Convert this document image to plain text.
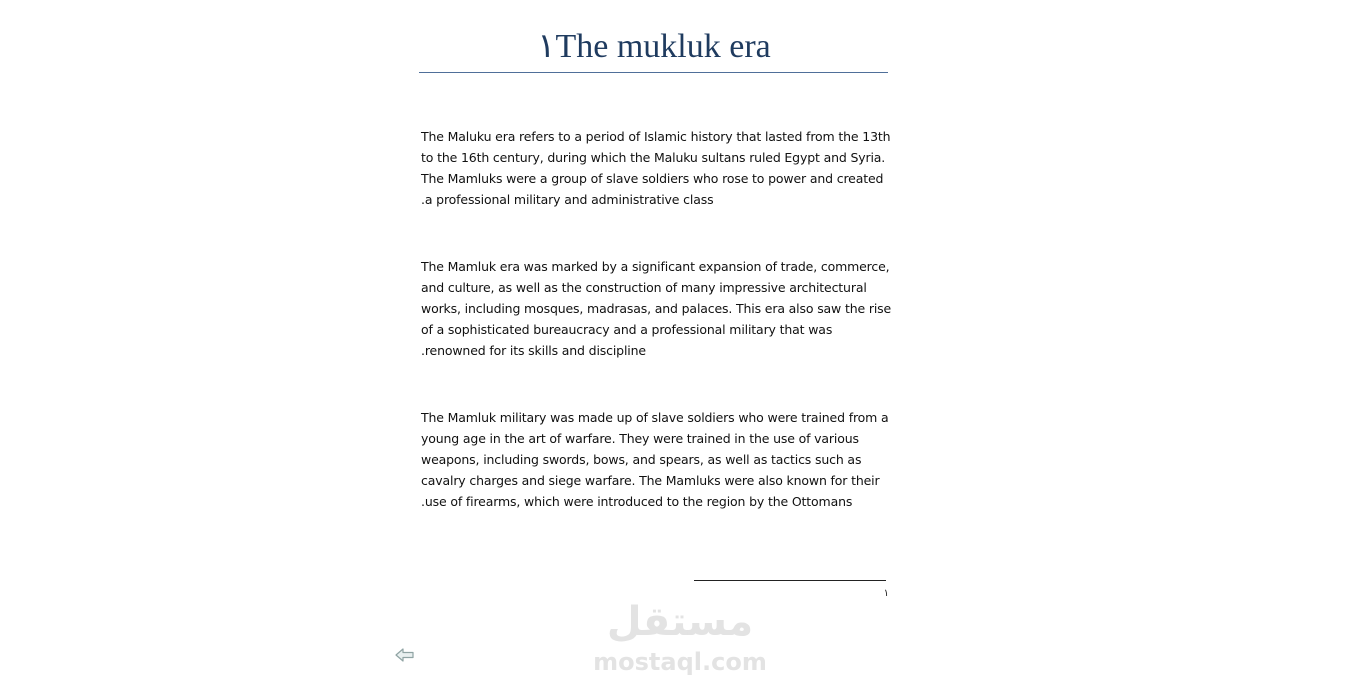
١The mukluk era
The Maluku era refers to a period of Islamic history that lasted from the 13th
to the 16th century, during which the Maluku sultans ruled Egypt and Syria.
The Mamluks were a group of slave soldiers who rose to power and created
.a professional military and administrative class
The Mamluk era was marked by a significant expansion of trade, commerce,
and culture, as well as the construction of many impressive architectural
works, including mosques, madrasas, and palaces. This era also saw the rise
of a sophisticated bureaucracy and a professional military that was
.renowned for its skills and discipline
The Mamluk military was made up of slave soldiers who were trained from a
young age in the art of warfare. They were trained in the use of various
weapons, including swords, bows, and spears, as well as tactics such as
cavalry charges and siege warfare. The Mamluks were also known for their
.use of firearms, which were introduced to the region by the Ottomans
١
مستقل
mostaql.com
